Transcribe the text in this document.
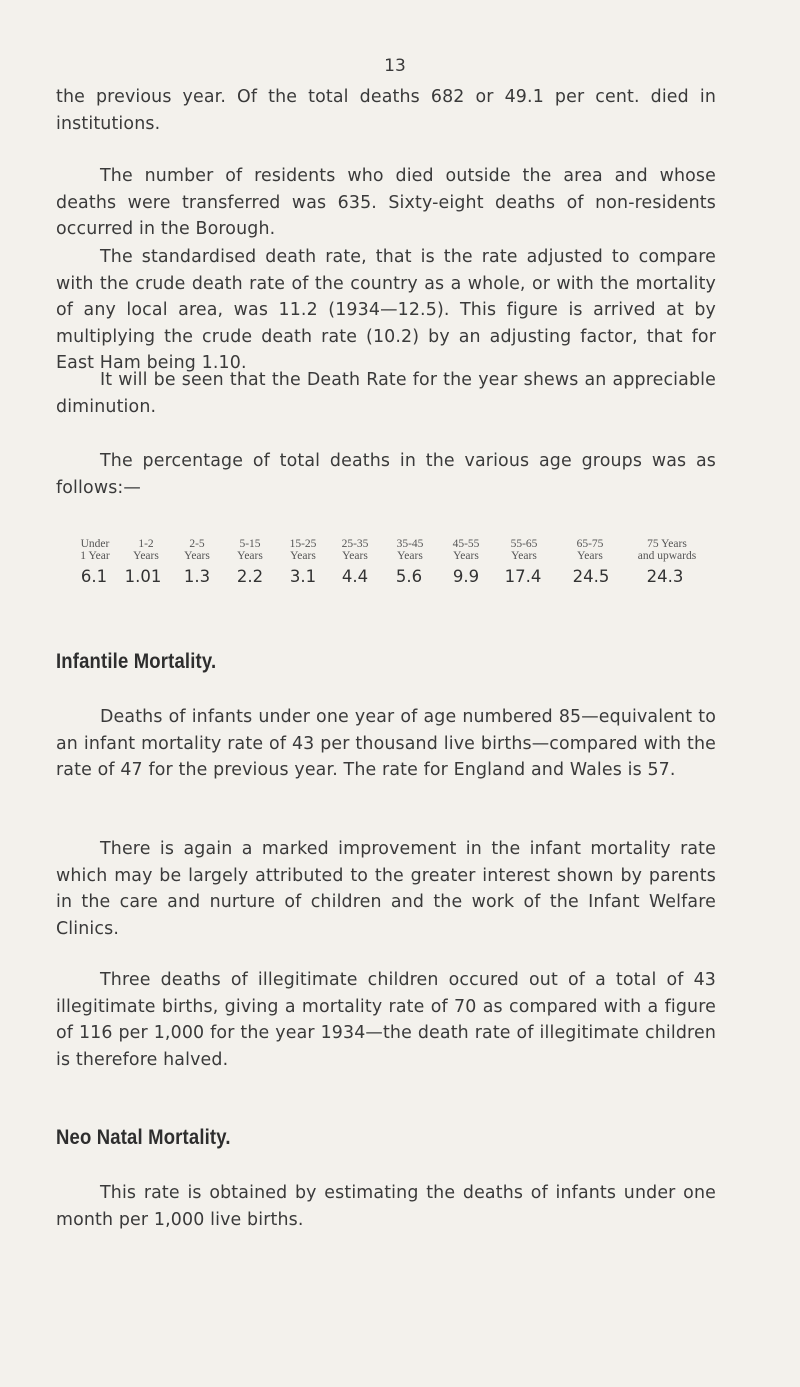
13

the previous year. Of the total deaths 682 or 49.1 per cent. died in institutions.

The number of residents who died outside the area and whose deaths were transferred was 635. Sixty-eight deaths of non-residents occurred in the Borough.

The standardised death rate, that is the rate adjusted to compare with the crude death rate of the country as a whole, or with the mortality of any local area, was 11.2 (1934—12.5). This figure is arrived at by multiplying the crude death rate (10.2) by an adjusting factor, that for East Ham being 1.10.

It will be seen that the Death Rate for the year shews an appreciable diminution.

The percentage of total deaths in the various age groups was as follows:—

Under
1 Year
1-2
Years
2-5
Years
5-15
Years
15-25
Years
25-35
Years
35-45
Years
45-55
Years
55-65
Years
65-75
Years
75 Years
and upwards
6.1 1.01 1.3 2.2 3.1 4.4 5.6 9.9 17.4 24.5 24.3
Infantile Mortality.

Deaths of infants under one year of age numbered 85—equivalent to an infant mortality rate of 43 per thousand live births—compared with the rate of 47 for the previous year. The rate for England and Wales is 57.

There is again a marked improvement in the infant mortality rate which may be largely attributed to the greater interest shown by parents in the care and nurture of children and the work of the Infant Welfare Clinics.

Three deaths of illegitimate children occured out of a total of 43 illegitimate births, giving a mortality rate of 70 as compared with a figure of 116 per 1,000 for the year 1934—the death rate of illegitimate children is therefore halved.

Neo Natal Mortality.

This rate is obtained by estimating the deaths of infants under one month per 1,000 live births.
